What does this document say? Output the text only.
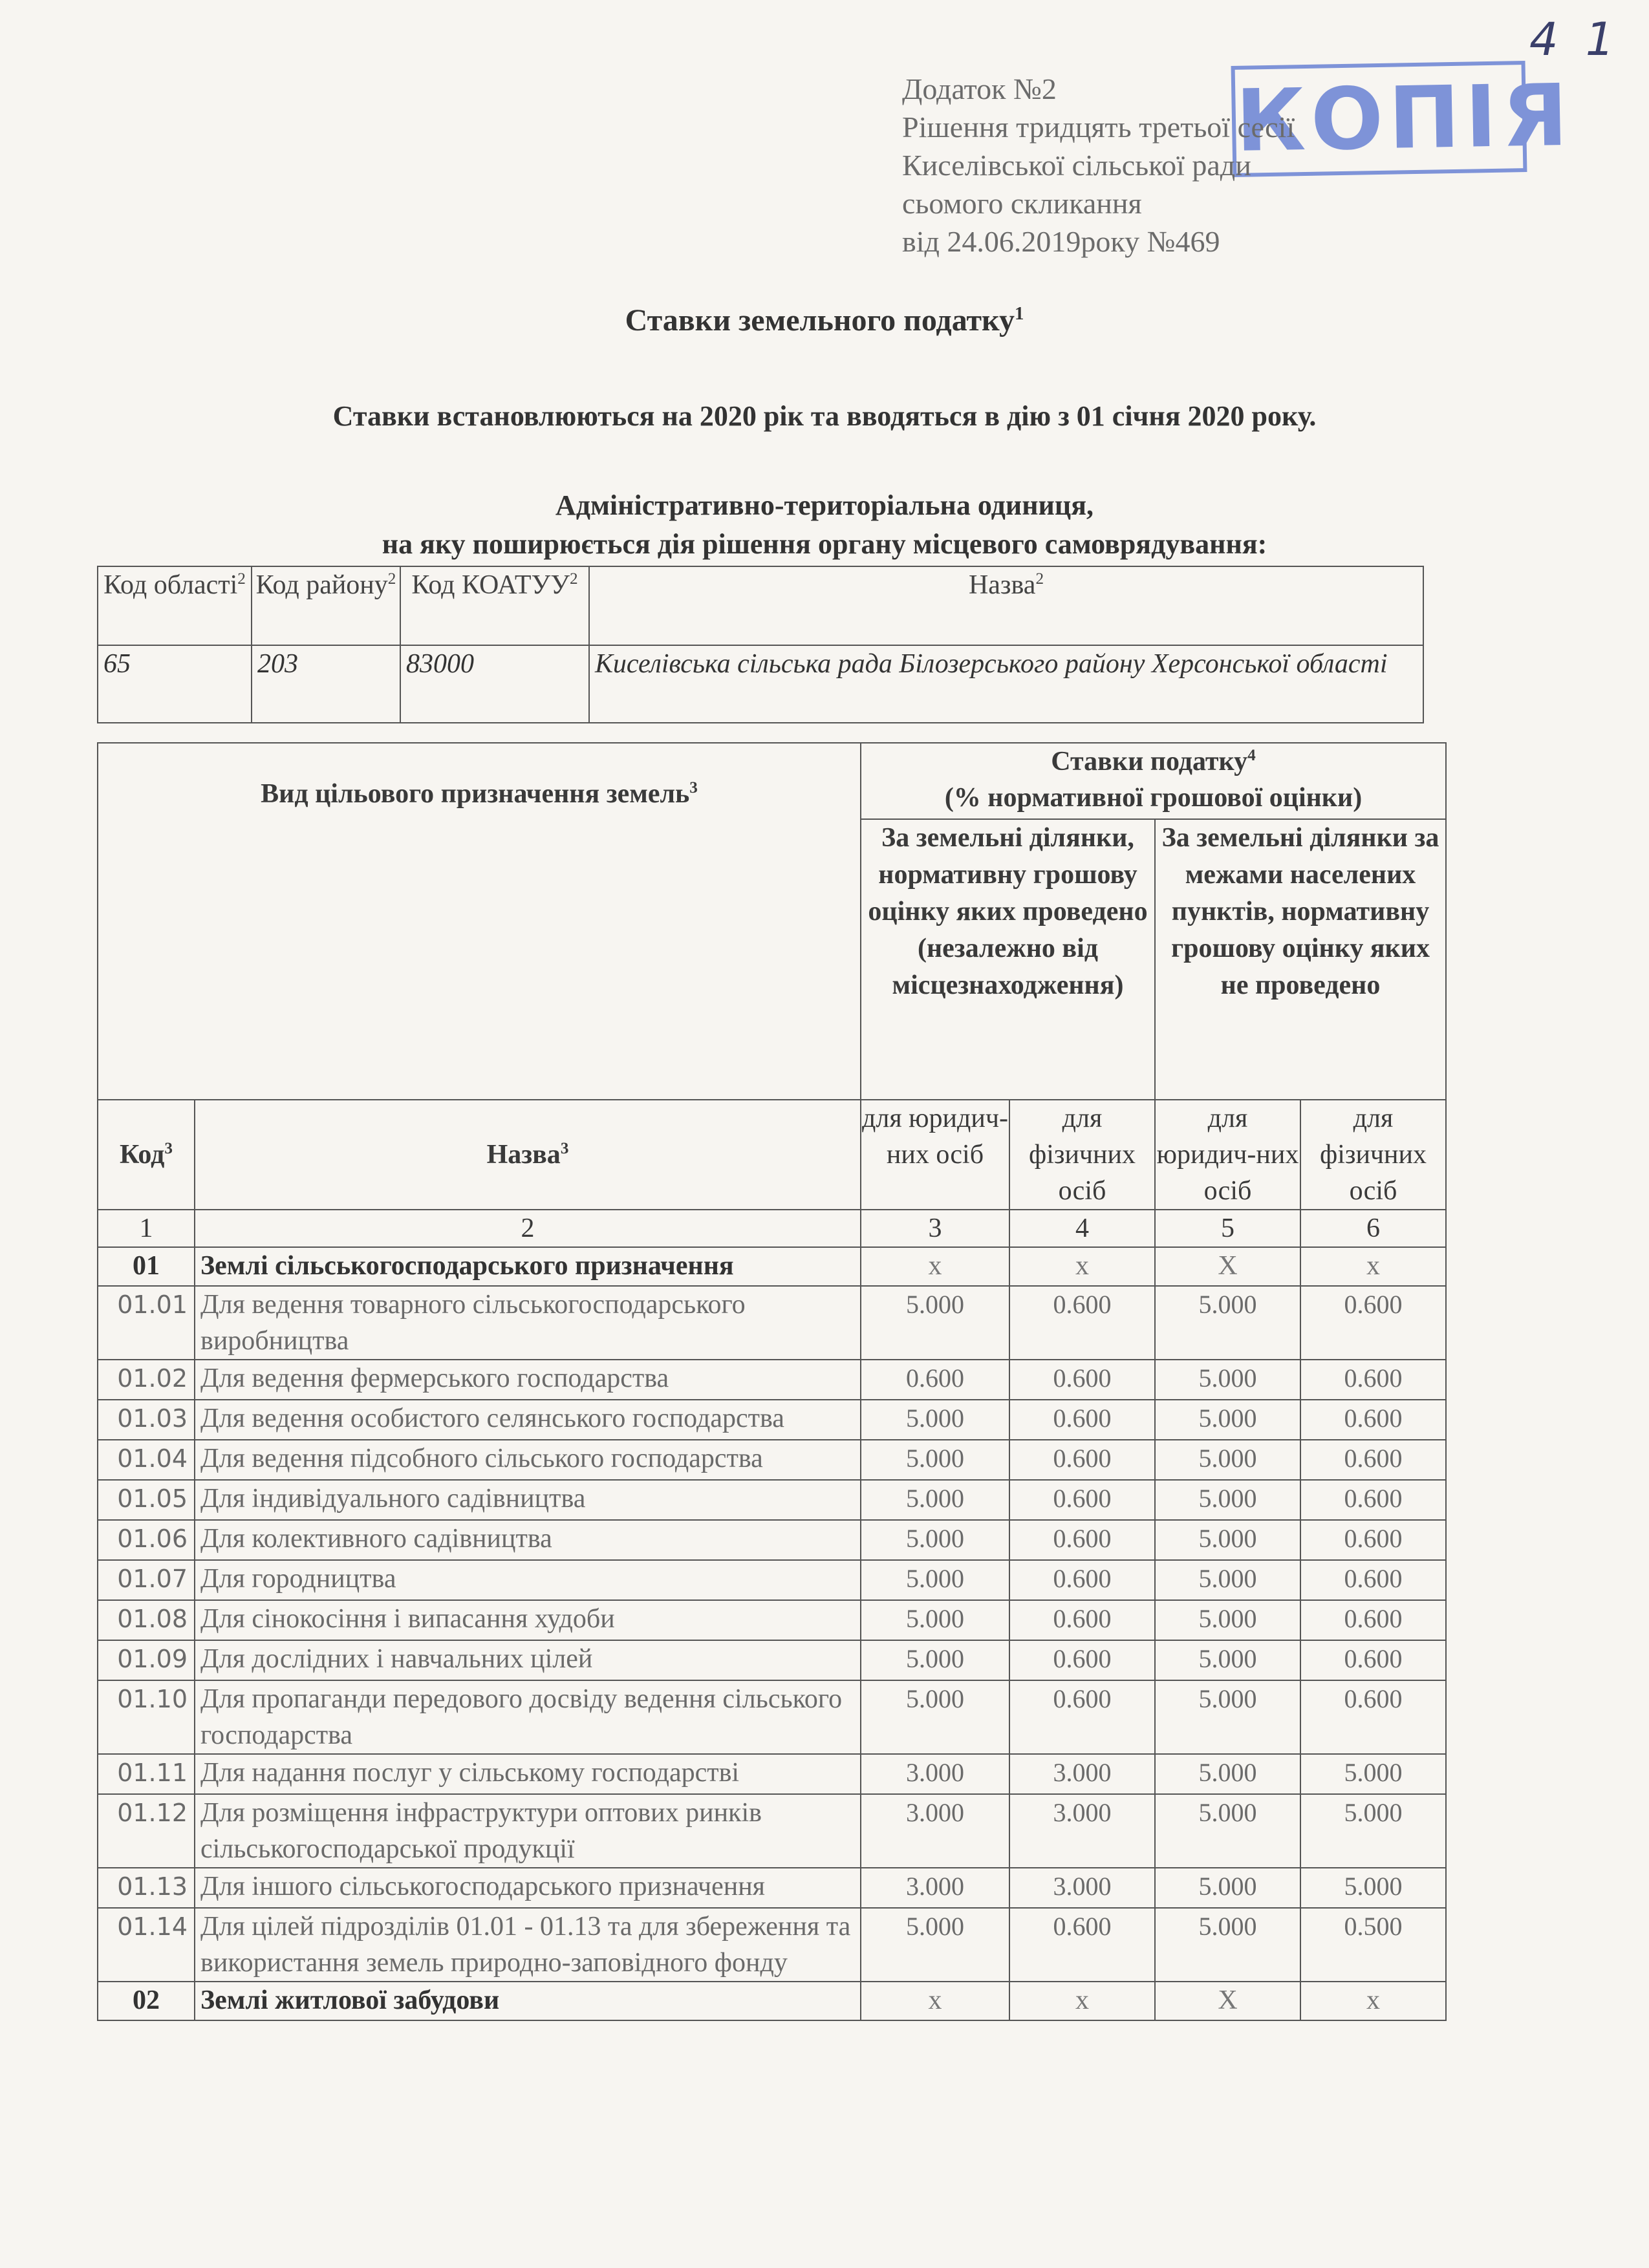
4 1
КОПІЯ
Додаток №2
Рішення тридцять третьої сесії
Киселівської сільської ради
сьомого скликання
від 24.06.2019року №469
Ставки земельного податку$^1$
Ставки встановлюються на 2020 рік та вводяться в дію з 01 січня 2020 року.
Адміністративно-територіальна одиниця,
на яку поширюється дія рішення органу місцевого самоврядування:
Код області$^2$	Код району$^2$	Код КОАТУУ$^2$	Назва$^2$
65	203	83000	Киселівська сільська рада Білозерського району Херсонської області
Вид цільового призначення земель$^3$		Ставки податку$^4$
(% нормативної грошової оцінки)			
		За земельні ділянки, нормативну грошову оцінку яких проведено (незалежно від місцезнаходження)		За земельні ділянки за межами населених пунктів, нормативну грошову оцінку яких не проведено	
Код$^3$	Назва$^3$	для юридич-них осіб	для фізичних осіб	для юридич-них осіб	для фізичних осіб
1	2	3	4	5	6
01	Землі сільськогосподарського призначення	x	x	X	x
01.01	Для ведення товарного сільськогосподарського виробництва	5.000	0.600	5.000	0.600
01.02	Для ведення фермерського господарства	0.600	0.600	5.000	0.600
01.03	Для ведення особистого селянського господарства	5.000	0.600	5.000	0.600
01.04	Для ведення підсобного сільського господарства	5.000	0.600	5.000	0.600
01.05	Для індивідуального садівництва	5.000	0.600	5.000	0.600
01.06	Для колективного садівництва	5.000	0.600	5.000	0.600
01.07	Для городництва	5.000	0.600	5.000	0.600
01.08	Для сінокосіння і випасання худоби	5.000	0.600	5.000	0.600
01.09	Для дослідних і навчальних цілей	5.000	0.600	5.000	0.600
01.10	Для пропаганди передового досвіду ведення сільського господарства	5.000	0.600	5.000	0.600
01.11	Для надання послуг у сільському господарстві	3.000	3.000	5.000	5.000
01.12	Для розміщення інфраструктури оптових ринків сільськогосподарської продукції	3.000	3.000	5.000	5.000
01.13	Для іншого сільськогосподарського призначення	3.000	3.000	5.000	5.000
01.14	Для цілей підрозділів 01.01 - 01.13 та для збереження та використання земель природно-заповідного фонду	5.000	0.600	5.000	0.500
02	Землі житлової забудови	x	x	X	x
